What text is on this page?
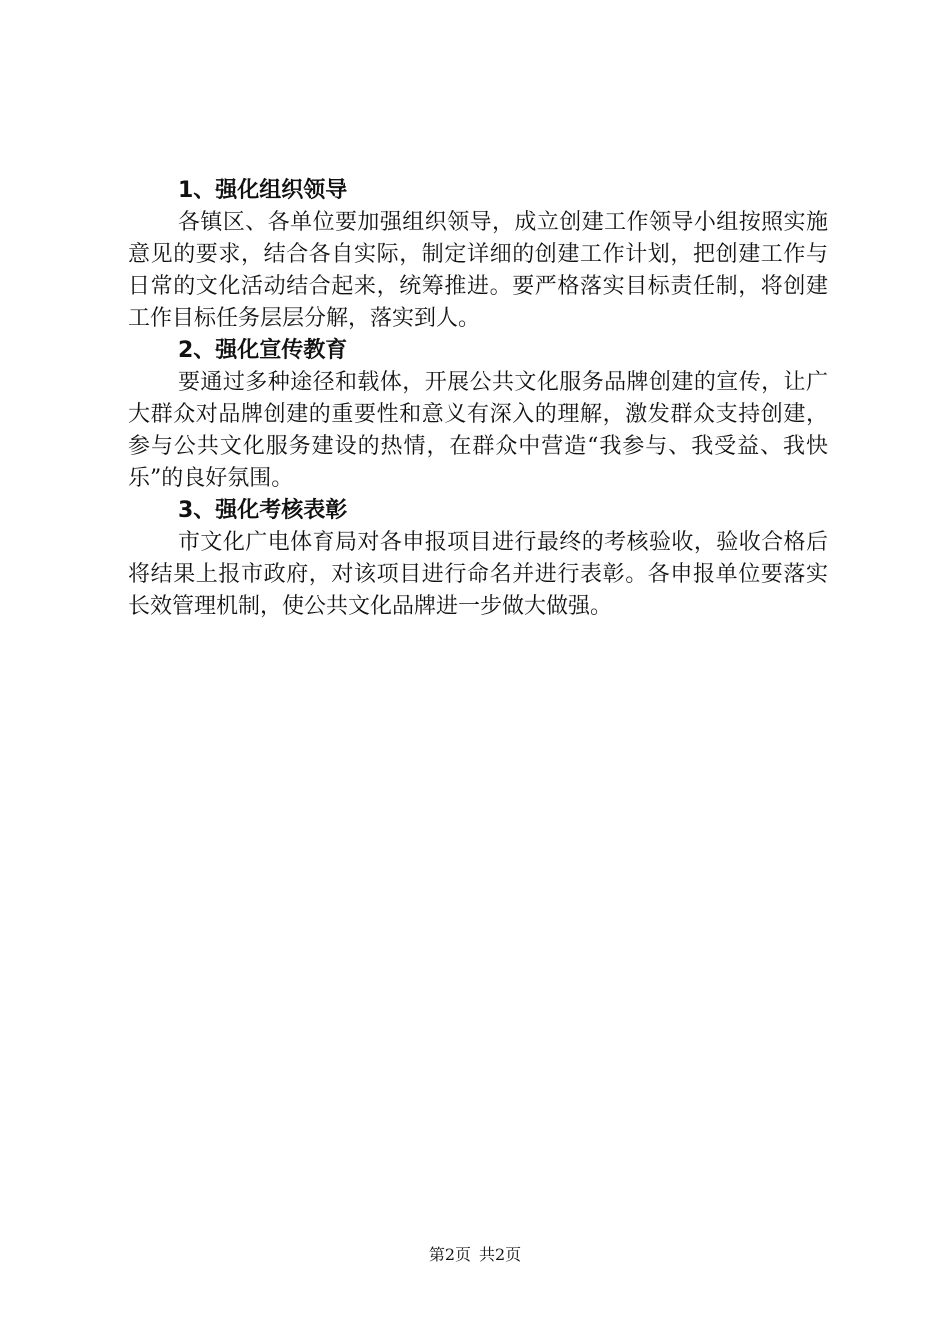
1、强化组织领导

各镇区、各单位要加强组织领导，成立创建工作领导小组按照实施意见的要求，结合各自实际，制定详细的创建工作计划，把创建工作与日常的文化活动结合起来，统筹推进。要严格落实目标责任制，将创建工作目标任务层层分解，落实到人。

2、强化宣传教育

要通过多种途径和载体，开展公共文化服务品牌创建的宣传，让广大群众对品牌创建的重要性和意义有深入的理解，激发群众支持创建，参与公共文化服务建设的热情，在群众中营造“我参与、我受益、我快乐”的良好氛围。

3、强化考核表彰

市文化广电体育局对各申报项目进行最终的考核验收，验收合格后将结果上报市政府，对该项目进行命名并进行表彰。各申报单位要落实长效管理机制，使公共文化品牌进一步做大做强。

第2页 共2页
